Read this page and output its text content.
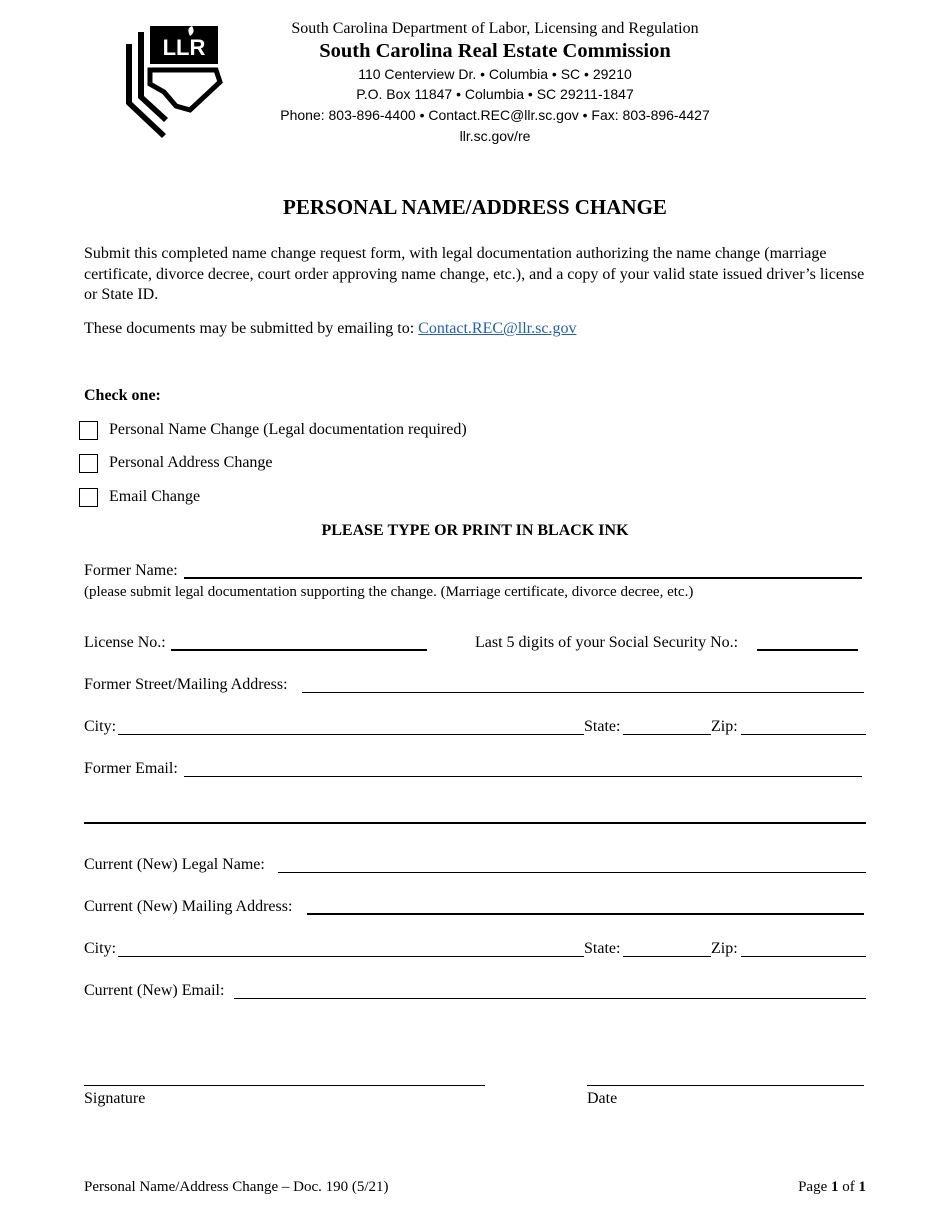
LLR
South Carolina Department of Labor, Licensing and Regulation
South Carolina Real Estate Commission
110 Centerview Dr. • Columbia • SC • 29210
P.O. Box 11847 • Columbia • SC 29211-1847
Phone: 803-896-4400 • Contact.REC@llr.sc.gov • Fax: 803-896-4427
llr.sc.gov/re
PERSONAL NAME/ADDRESS CHANGE
Submit this completed name change request form, with legal documentation authorizing the name change (marriage certificate, divorce decree, court order approving name change, etc.), and a copy of your valid state issued driver’s license or State ID.
These documents may be submitted by emailing to: Contact.REC@llr.sc.gov
Check one:
Personal Name Change (Legal documentation required)
Personal Address Change
Email Change
PLEASE TYPE OR PRINT IN BLACK INK
Former Name:
(please submit legal documentation supporting the change. (Marriage certificate, divorce decree, etc.)
License No.:	Last 5 digits of your Social Security No.:
Former Street/Mailing Address:
City:	State:	Zip:
Former Email:
Current (New) Legal Name:
Current (New) Mailing Address:
City:	State:	Zip:
Current (New) Email:
Signature	Date
Personal Name/Address Change – Doc. 190 (5/21)	Page 1 of 1
